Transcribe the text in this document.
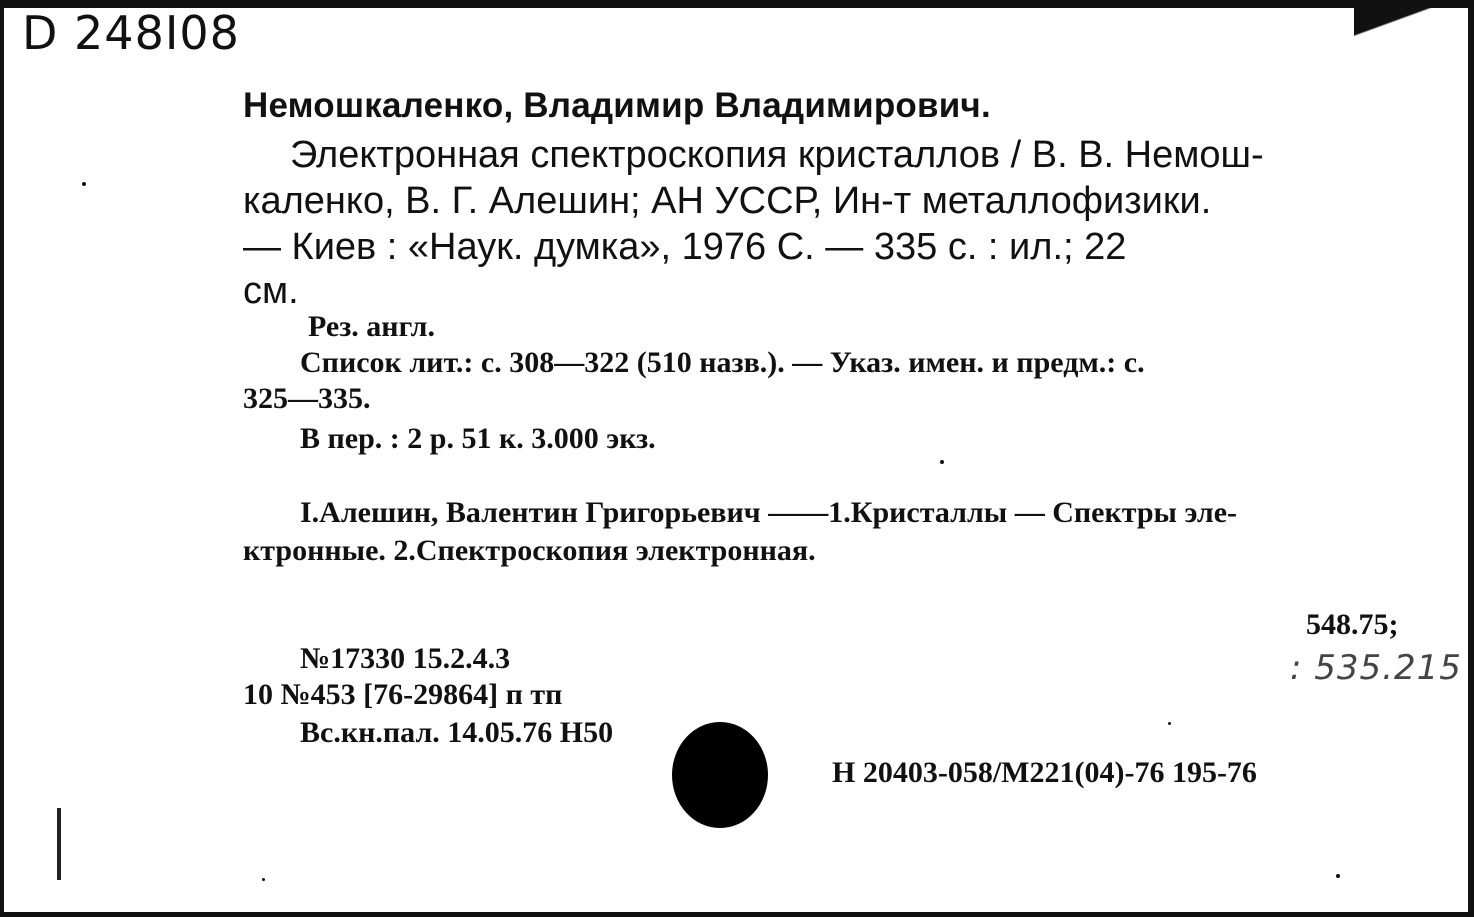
D 248I08
Немошкаленко, Владимир Владимирович.
Электронная спектроскопия кристаллов / В. В. Немош-
каленко, В. Г. Алешин; АН УССР, Ин-т металлофизики.
— Киев : «Наук. думка», 1976 С. — 335 с. : ил.; 22
см.
Рез. англ.
Список лит.: с. 308—322 (510 назв.). — Указ. имен. и предм.: с.
325—335.
В пер. : 2 р. 51 к. 3.000 экз.
I.Алешин, Валентин Григорьевич ——1.Кристаллы — Спектры эле-
ктронные. 2.Спектроскопия электронная.
548.75;
: 535.215
№17330 15.2.4.3
10 №453 [76-29864] п тп
Вс.кн.пал. 14.05.76 H50
H 20403-058/M221(04)-76 195-76
